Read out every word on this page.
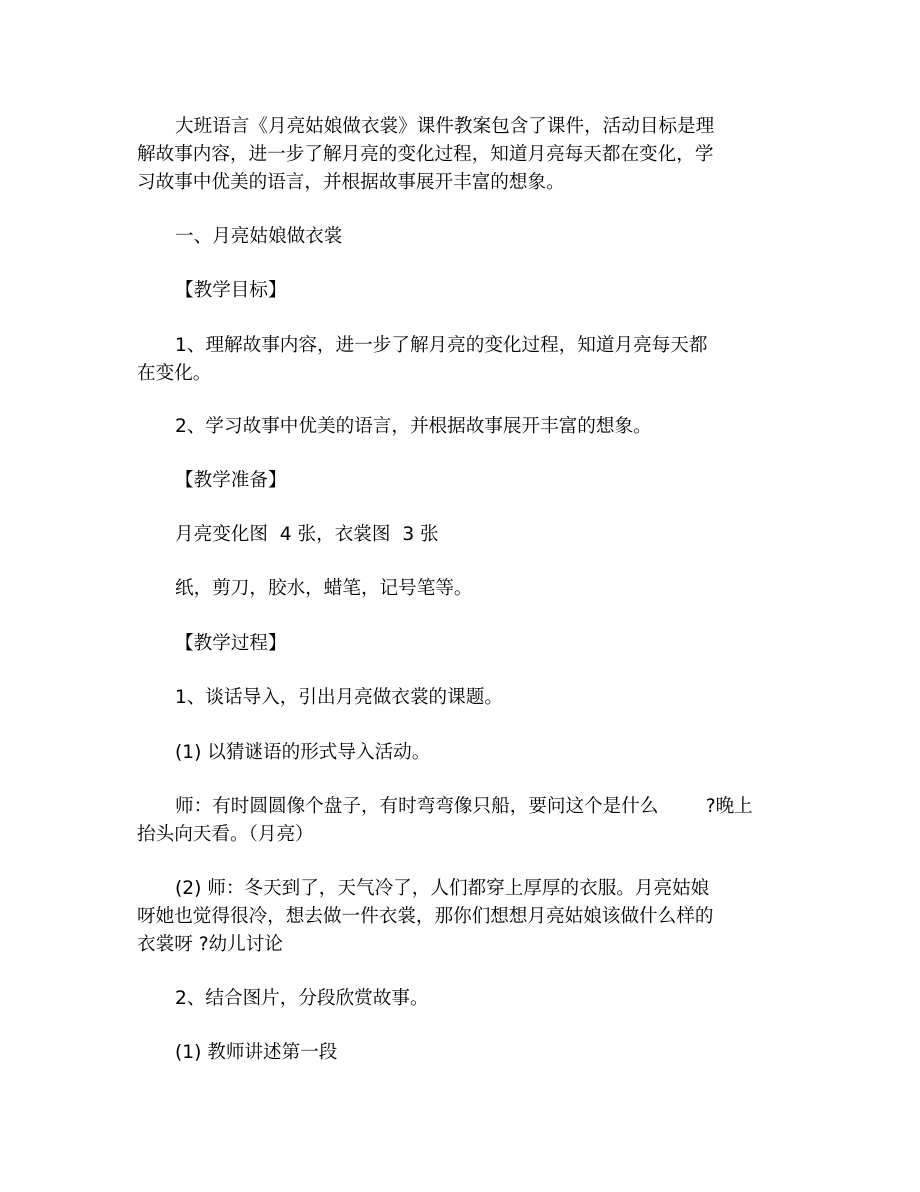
大班语言《月亮姑娘做衣裳》课件教案包含了课件，活动目标是理
解故事内容，进一步了解月亮的变化过程，知道月亮每天都在变化，学
习故事中优美的语言，并根据故事展开丰富的想象。
一、月亮姑娘做衣裳
【教学目标】
1、理解故事内容，进一步了解月亮的变化过程，知道月亮每天都
在变化。
2、学习故事中优美的语言，并根据故事展开丰富的想象。
【教学准备】
月亮变化图  4 张，衣裳图  3 张
纸，剪刀，胶水，蜡笔，记号笔等。
【教学过程】
1、谈话导入，引出月亮做衣裳的课题。
(1) 以猜谜语的形式导入活动。
师：有时圆圆像个盘子，有时弯弯像只船，要问这个是什么        ?晚上
抬头向天看。（月亮）
(2) 师：冬天到了，天气冷了，人们都穿上厚厚的衣服。月亮姑娘
呀她也觉得很冷，想去做一件衣裳，那你们想想月亮姑娘该做什么样的
衣裳呀 ?幼儿讨论
2、结合图片，分段欣赏故事。
(1) 教师讲述第一段
